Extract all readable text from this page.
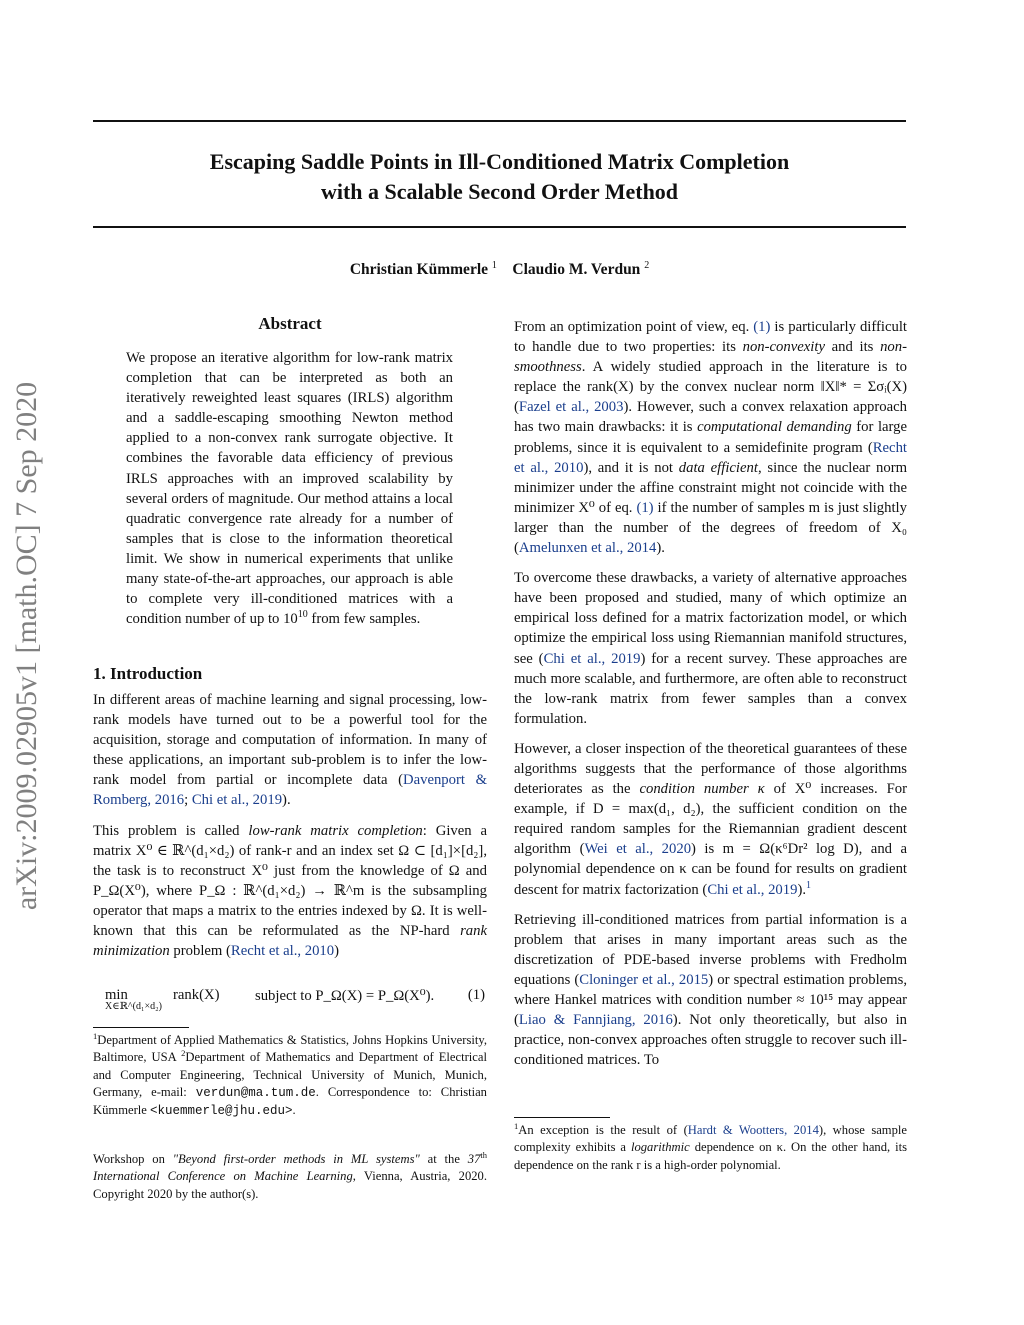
Escaping Saddle Points in Ill-Conditioned Matrix Completion
with a Scalable Second Order Method
Christian Kümmerle $^1$ Claudio M. Verdun $^2$
arXiv:2009.02905v1 [math.OC] 7 Sep 2020
Abstract
We propose an iterative algorithm for low-rank matrix completion that can be interpreted as both an iteratively reweighted least squares (IRLS) algorithm and a saddle-escaping smoothing Newton method applied to a non-convex rank surrogate objective. It combines the favorable data efficiency of previous IRLS approaches with an improved scalability by several orders of magnitude. Our method attains a local quadratic convergence rate already for a number of samples that is close to the information theoretical limit. We show in numerical experiments that unlike many state-of-the-art approaches, our approach is able to complete very ill-conditioned matrices with a condition number of up to $10^{10}$ from few samples.
1. Introduction

In different areas of machine learning and signal processing, low-rank models have turned out to be a powerful tool for the acquisition, storage and computation of information. In many of these applications, an important sub-problem is to infer the low-rank model from partial or incomplete data (Davenport & Romberg, 2016; Chi et al., 2019).

This problem is called low-rank matrix completion: Given a matrix X⁰ ∈ ℝ^(d₁×d₂) of rank-r and an index set Ω ⊂ [d₁]×[d₂], the task is to reconstruct X⁰ just from the knowledge of Ω and P_Ω(X⁰), where P_Ω : ℝ^(d₁×d₂) → ℝ^m is the subsampling operator that maps a matrix to the entries indexed by Ω. It is well-known that this can be reformulated as the NP-hard rank minimization problem (Recht et al., 2010)

min
X∈ℝ^(d₁×d₂)
rank(X) subject to P_Ω(X) = P_Ω(X⁰). (1)
$^1$Department of Applied Mathematics & Statistics, Johns Hopkins University, Baltimore, USA $^2$Department of Mathematics and Department of Electrical and Computer Engineering, Technical University of Munich, Munich, Germany, e-mail: verdun@ma.tum.de. Correspondence to: Christian Kümmerle <kuemmerle@jhu.edu>.
Workshop on "Beyond first-order methods in ML systems" at the 37th International Conference on Machine Learning, Vienna, Austria, 2020. Copyright 2020 by the author(s).

From an optimization point of view, eq. (1) is particularly difficult to handle due to two properties: its non-convexity and its non-smoothness. A widely studied approach in the literature is to replace the rank(X) by the convex nuclear norm ‖X‖* = Σσᵢ(X) (Fazel et al., 2003). However, such a convex relaxation approach has two main drawbacks: it is computational demanding for large problems, since it is equivalent to a semidefinite program (Recht et al., 2010), and it is not data efficient, since the nuclear norm minimizer under the affine constraint might not coincide with the minimizer X⁰ of eq. (1) if the number of samples m is just slightly larger than the number of the degrees of freedom of X₀ (Amelunxen et al., 2014).

To overcome these drawbacks, a variety of alternative approaches have been proposed and studied, many of which optimize an empirical loss defined for a matrix factorization model, or which optimize the empirical loss using Riemannian manifold structures, see (Chi et al., 2019) for a recent survey. These approaches are much more scalable, and furthermore, are often able to reconstruct the low-rank matrix from fewer samples than a convex formulation.

However, a closer inspection of the theoretical guarantees of these algorithms suggests that the performance of those algorithms deteriorates as the condition number κ of X⁰ increases. For example, if D = max(d₁, d₂), the sufficient condition on the required random samples for the Riemannian gradient descent algorithm (Wei et al., 2020) is m = Ω(κ⁶Dr² log D), and a polynomial dependence on κ can be found for results on gradient descent for matrix factorization (Chi et al., 2019).$^1$

Retrieving ill-conditioned matrices from partial information is a problem that arises in many important areas such as the discretization of PDE-based inverse problems with Fredholm equations (Cloninger et al., 2015) or spectral estimation problems, where Hankel matrices with condition number ≈ 10¹⁵ may appear (Liao & Fannjiang, 2016). Not only theoretically, but also in practice, non-convex approaches often struggle to recover such ill-conditioned matrices. To

$^1$An exception is the result of (Hardt & Wootters, 2014), whose sample complexity exhibits a logarithmic dependence on κ. On the other hand, its dependence on the rank r is a high-order polynomial.
